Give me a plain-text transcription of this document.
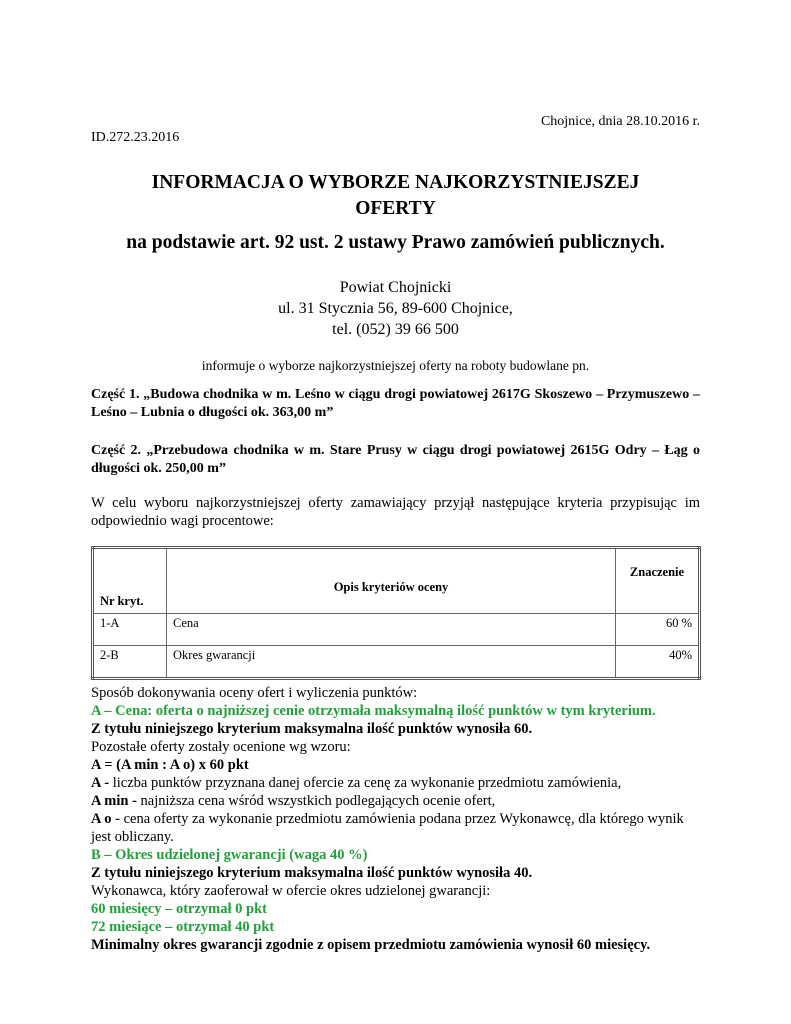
Chojnice, dnia 28.10.2016 r.
ID.272.23.2016
INFORMACJA O WYBORZE NAJKORZYSTNIEJSZEJ
OFERTY
na podstawie art. 92 ust. 2 ustawy Prawo zamówień publicznych.
Powiat Chojnicki
ul. 31 Stycznia 56, 89-600 Chojnice,
tel. (052) 39 66 500
informuje o wyborze najkorzystniejszej oferty na roboty budowlane pn.
Część 1. „Budowa chodnika w m. Leśno w ciągu drogi powiatowej 2617G Skoszewo – Przymuszewo – Leśno – Lubnia o długości ok. 363,00 m”
Część 2. „Przebudowa chodnika w m. Stare Prusy w ciągu drogi powiatowej 2615G Odry – Łąg o długości ok. 250,00 m”
W celu wyboru najkorzystniejszej oferty zamawiający przyjął następujące kryteria przypisując im odpowiednio wagi procentowe:
Nr kryt.	Opis kryteriów oceny	Znaczenie
1-A	Cena	60 %
2-B	Okres gwarancji	40%
Sposób dokonywania oceny ofert i wyliczenia punktów:
A – Cena: oferta o najniższej cenie otrzymała maksymalną ilość punktów w tym kryterium.
Z tytułu niniejszego kryterium maksymalna ilość punktów wynosiła 60.
Pozostałe oferty zostały ocenione wg wzoru:
A = (A min : A o) x 60 pkt
A - liczba punktów przyznana danej ofercie za cenę za wykonanie przedmiotu zamówienia,
A min - najniższa cena wśród wszystkich podlegających ocenie ofert,
A o - cena oferty za wykonanie przedmiotu zamówienia podana przez Wykonawcę, dla którego wynik jest obliczany.
B – Okres udzielonej gwarancji (waga 40 %)
Z tytułu niniejszego kryterium maksymalna ilość punktów wynosiła 40.
Wykonawca, który zaoferował w ofercie okres udzielonej gwarancji:
60 miesięcy – otrzymał 0 pkt
72 miesiące – otrzymał 40 pkt
Minimalny okres gwarancji zgodnie z opisem przedmiotu zamówienia wynosił 60 miesięcy.
